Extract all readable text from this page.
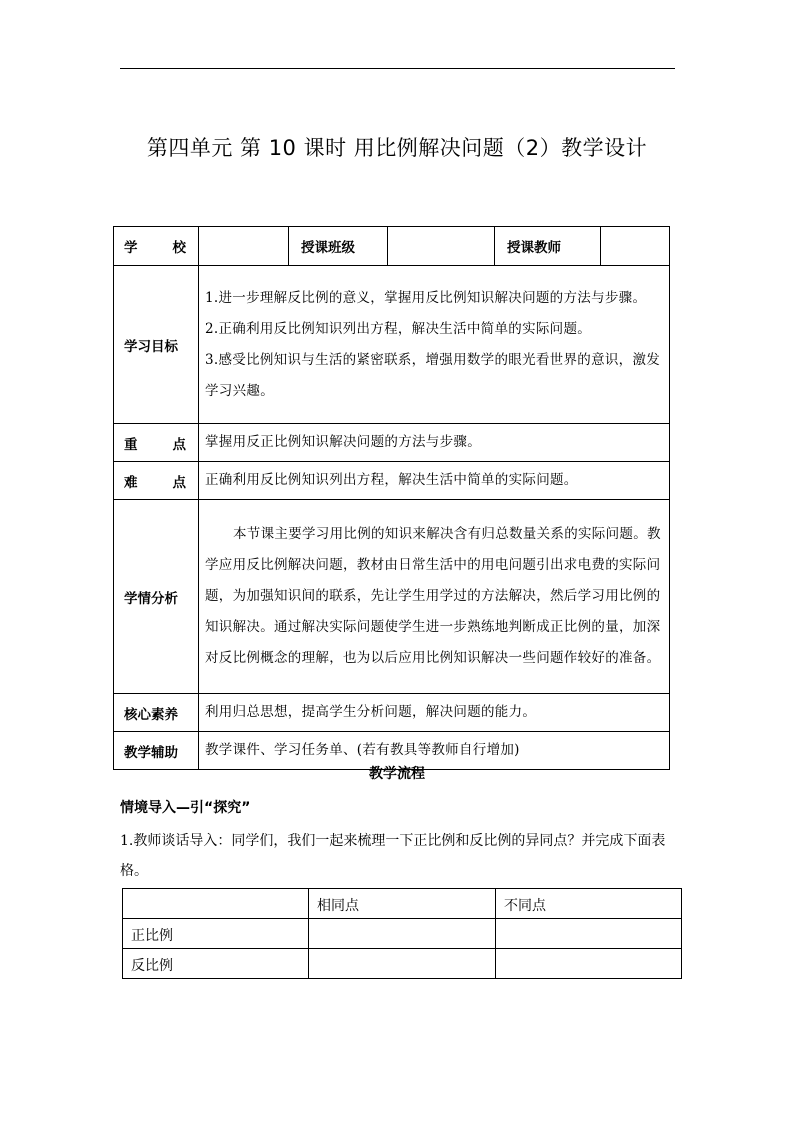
第四单元 第 10 课时 用比例解决问题（2）教学设计
学 校		授课班级		授课教师	

学习目标	1.进一步理解反比例的意义，掌握用反比例知识解决问题的方法与步骤。
2.正确利用反比例知识列出方程，解决生活中简单的实际问题。
3.感受比例知识与生活的紧密联系，增强用数学的眼光看世界的意识，激发学习兴趣。				

重 点	掌握用反正比例知识解决问题的方法与步骤。				

难 点	正确利用反比例知识列出方程，解决生活中简单的实际问题。				

学情分析	本节课主要学习用比例的知识来解决含有归总数量关系的实际问题。教学应用反比例解决问题，教材由日常生活中的用电问题引出求电费的实际问题，为加强知识间的联系，先让学生用学过的方法解决，然后学习用比例的知识解决。通过解决实际问题使学生进一步熟练地判断成正比例的量，加深对反比例概念的理解，也为以后应用比例知识解决一些问题作较好的准备。				

核心素养	利用归总思想，提高学生分析问题，解决问题的能力。				

教学辅助	教学课件、学习任务单、(若有教具等教师自行增加)				
教学流程
情境导入—引“探究”
1.教师谈话导入：同学们，我们一起来梳理一下正比例和反比例的异同点？并完成下面表格。
	相同点	不同点
正比例		
反比例		
